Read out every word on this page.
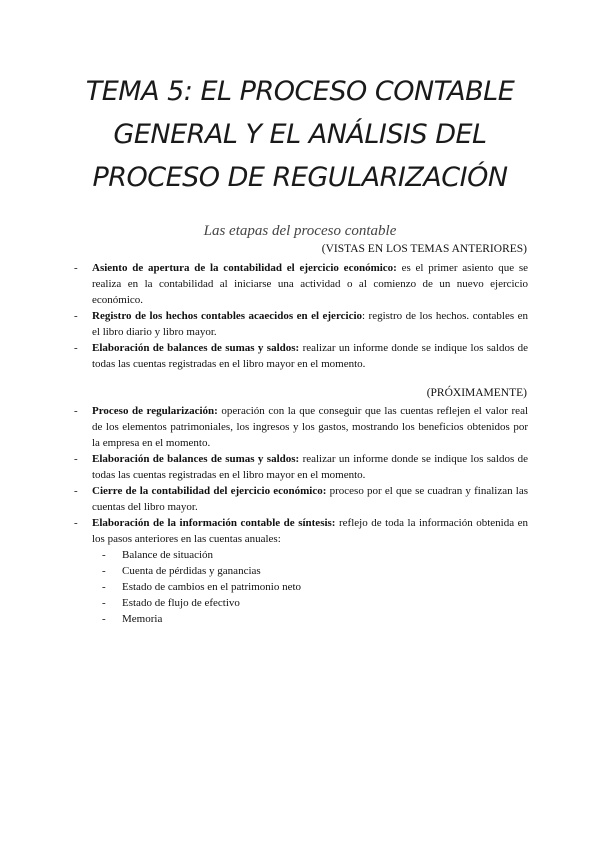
TEMA 5: EL PROCESO CONTABLE
GENERAL Y EL ANÁLISIS DEL
PROCESO DE REGULARIZACIÓN
Las etapas del proceso contable
(VISTAS EN LOS TEMAS ANTERIORES)
- Asiento de apertura de la contabilidad el ejercicio económico: es el primer asiento que se realiza en la contabilidad al iniciarse una actividad o al comienzo de un nuevo ejercicio económico.
- Registro de los hechos contables acaecidos en el ejercicio: registro de los hechos. contables en el libro diario y libro mayor.
- Elaboración de balances de sumas y saldos: realizar un informe donde se indique los saldos de todas las cuentas registradas en el libro mayor en el momento.
(PRÓXIMAMENTE)
- Proceso de regularización: operación con la que conseguir que las cuentas reflejen el valor real de los elementos patrimoniales, los ingresos y los gastos, mostrando los beneficios obtenidos por la empresa en el momento.
- Elaboración de balances de sumas y saldos: realizar un informe donde se indique los saldos de todas las cuentas registradas en el libro mayor en el momento.
- Cierre de la contabilidad del ejercicio económico: proceso por el que se cuadran y finalizan las cuentas del libro mayor.
- Elaboración de la información contable de síntesis: reflejo de toda la información obtenida en los pasos anteriores en las cuentas anuales:
- Balance de situación
- Cuenta de pérdidas y ganancias
- Estado de cambios en el patrimonio neto
- Estado de flujo de efectivo
- Memoria
